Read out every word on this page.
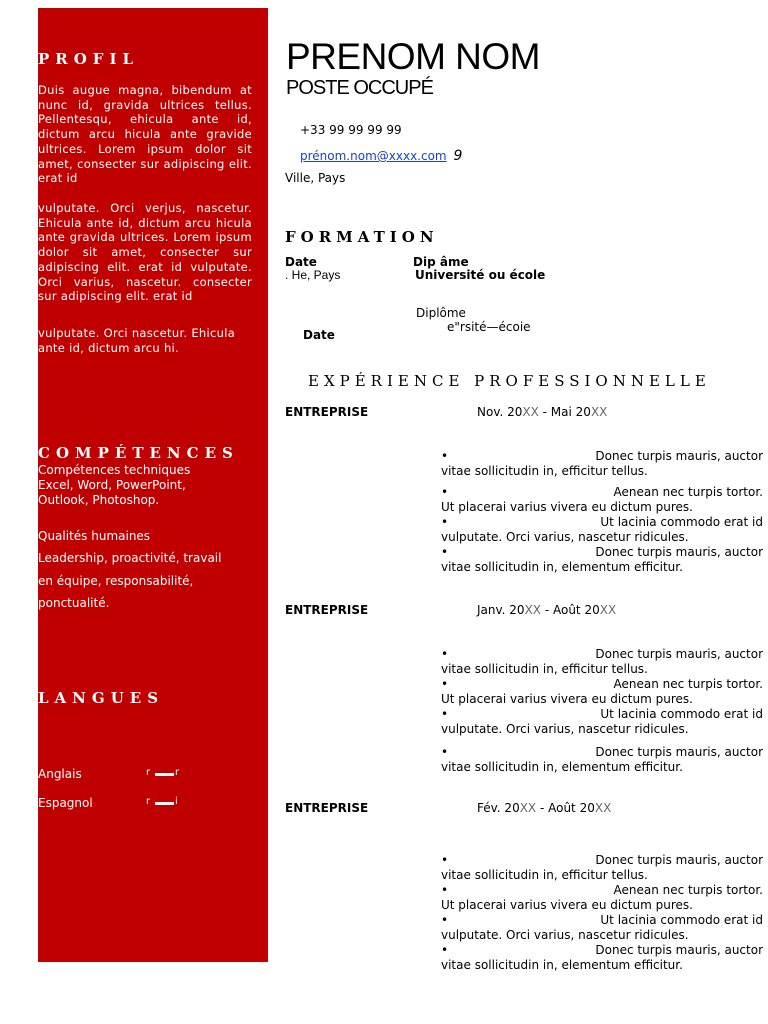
PROFIL

Duis augue magna, bibendum at nunc id, gravida ultrices tellus. Pellentesqu, ehicula ante id, dictum arcu hicula ante gravide ultrices. Lorem ipsum dolor sit amet, consecter sur adipiscing elit. erat id

vulputate. Orci verjus, nascetur. Ehicula ante id, dictum arcu hicula ante gravida ultrices. Lorem ipsum dolor sit amet, consecter sur adipiscing elit. erat id vulputate. Orci varius, nascetur. consecter sur adipiscing elit. erat id

vulputate. Orci nascetur. Ehicula ante id, dictum arcu hi.

COMPÉTENCES

Compétences techniques

Excel, Word, PowerPoint, Outlook, Photoshop.

Qualités humaines

Leadership, proactivité, travail

en équipe, responsabilité,

ponctualité.

LANGUES
Anglais	r r
Espagnol	r i
PRENOM NOM

POSTE OCCUPÉ

+33 99 99 99 99

prénom.nom@xxxx.com 9

Ville, Pays

FORMATION

Date	Dip âme

. He, Pays	Université ou école

Diplôme

e"rsité—écoie

Date

EXPÉRIENCE PROFESSIONNELLE

ENTREPRISE	Nov. 20XX - Mai 20XX

•	Donec turpis mauris, auctor
vitae sollicitudin in, efficitur tellus.
•	Aenean nec turpis tortor.
Ut placerai varius vivera eu dictum pures.
•	Ut lacinia commodo erat id
vulputate. Orci varius, nascetur ridicules.
•	Donec turpis mauris, auctor
vitae sollicitudin in, elementum efficitur.

ENTREPRISE	Janv. 20XX - Août 20XX

•	Donec turpis mauris, auctor
vitae sollicitudin in, efficitur tellus.
•	Aenean nec turpis tortor.
Ut placerai varius vivera eu dictum pures.
•	Ut lacinia commodo erat id
vulputate. Orci varius, nascetur ridicules.
•	Donec turpis mauris, auctor
vitae sollicitudin in, elementum efficitur.

ENTREPRISE	Fév. 20XX - Août 20XX

•	Donec turpis mauris, auctor
vitae sollicitudin in, efficitur tellus.
•	Aenean nec turpis tortor.
Ut placerai varius vivera eu dictum pures.
•	Ut lacinia commodo erat id
vulputate. Orci varius, nascetur ridicules.
•	Donec turpis mauris, auctor
vitae sollicitudin in, elementum efficitur.
